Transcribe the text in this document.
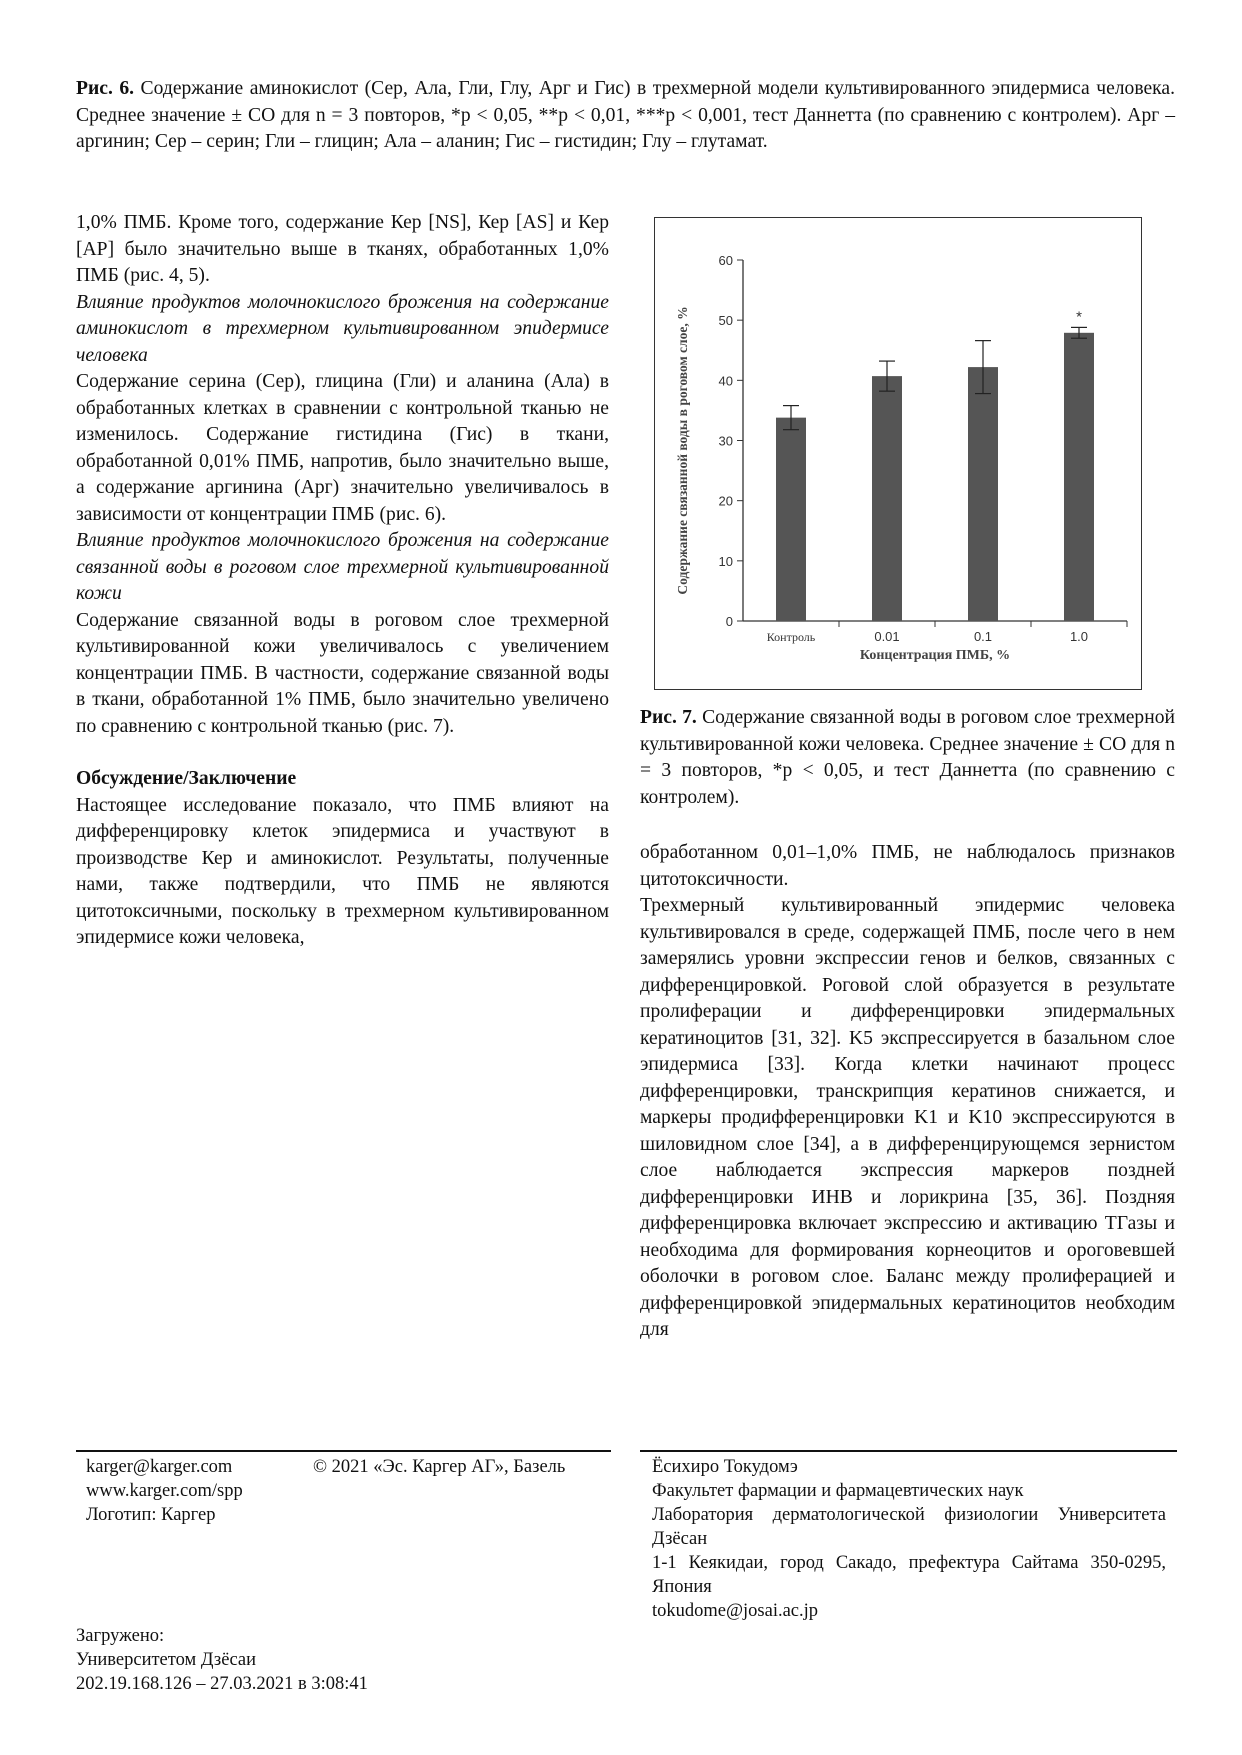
Рис. 6. Содержание аминокислот (Сер, Ала, Гли, Глу, Арг и Гис) в трехмерной модели культивированного эпидермиса человека. Среднее значение ± СО для n = 3 повторов, *p < 0,05, **p < 0,01, ***p < 0,001, тест Даннетта (по сравнению с контролем). Арг – аргинин; Сер – серин; Гли – глицин; Ала – аланин; Гис – гистидин; Глу – глутамат.

1,0% ПМБ. Кроме того, содержание Кер [NS], Кер [AS] и Кер [AP] было значительно выше в тканях, обработанных 1,0% ПМБ (рис. 4, 5).

Влияние продуктов молочнокислого брожения на содержание аминокислот в трехмерном культивированном эпидермисе человека

Содержание серина (Сер), глицина (Гли) и аланина (Ала) в обработанных клетках в сравнении с контрольной тканью не изменилось. Содержание гистидина (Гис) в ткани, обработанной 0,01% ПМБ, напротив, было значительно выше, а содержание аргинина (Арг) значительно увеличивалось в зависимости от концентрации ПМБ (рис. 6).

Влияние продуктов молочнокислого брожения на содержание связанной воды в роговом слое трехмерной культивированной кожи

Содержание связанной воды в роговом слое трехмерной культивированной кожи увеличивалось с увеличением концентрации ПМБ. В частности, содержание связанной воды в ткани, обработанной 1% ПМБ, было значительно увеличено по сравнению с контрольной тканью (рис. 7).

Обсуждение/Заключение

Настоящее исследование показало, что ПМБ влияют на дифференцировку клеток эпидермиса и участвуют в производстве Кер и аминокислот. Результаты, полученные нами, также подтвердили, что ПМБ не являются цитотоксичными, поскольку в трехмерном культивированном эпидермисе кожи человека,

0
10
20
30
40
50
60
Контроль	0.01	0.1
*
1.0
Концентрация ПМБ, %
Содержание связанной воды в роговом слое, %

Рис. 7. Содержание связанной воды в роговом слое трехмерной культивированной кожи человека. Среднее значение ± СО для n = 3 повторов, *p < 0,05, и тест Даннетта (по сравнению с контролем).

обработанном 0,01–1,0% ПМБ, не наблюдалось признаков цитотоксичности.

Трехмерный культивированный эпидермис человека культивировался в среде, содержащей ПМБ, после чего в нем замерялись уровни экспрессии генов и белков, связанных с дифференцировкой. Роговой слой образуется в результате пролиферации и дифференцировки эпидермальных кератиноцитов [31, 32]. K5 экспрессируется в базальном слое эпидермиса [33]. Когда клетки начинают процесс дифференцировки, транскрипция кератинов снижается, и маркеры продифференцировки K1 и K10 экспрессируются в шиловидном слое [34], а в дифференцирующемся зернистом слое наблюдается экспрессия маркеров поздней дифференцировки ИНВ и лорикрина [35, 36]. Поздняя дифференцировка включает экспрессию и активацию ТГазы и необходима для формирования корнеоцитов и ороговевшей оболочки в роговом слое. Баланс между пролиферацией и дифференцировкой эпидермальных кератиноцитов необходим для

karger@karger.com
www.karger.com/spp
Логотип: Каргер
© 2021 «Эс. Каргер АГ», Базель	Ёсихиро Токудомэ
Факультет фармации и фармацевтических наук
Лаборатория дерматологической физиологии Университета Дзёсан
1-1 Кеякидаи, город Сакадо, префектура Сайтама 350-0295, Япония
tokudome@josai.ac.jp
Загружено:
Университетом Дзёсаи
202.19.168.126 – 27.03.2021 в 3:08:41
